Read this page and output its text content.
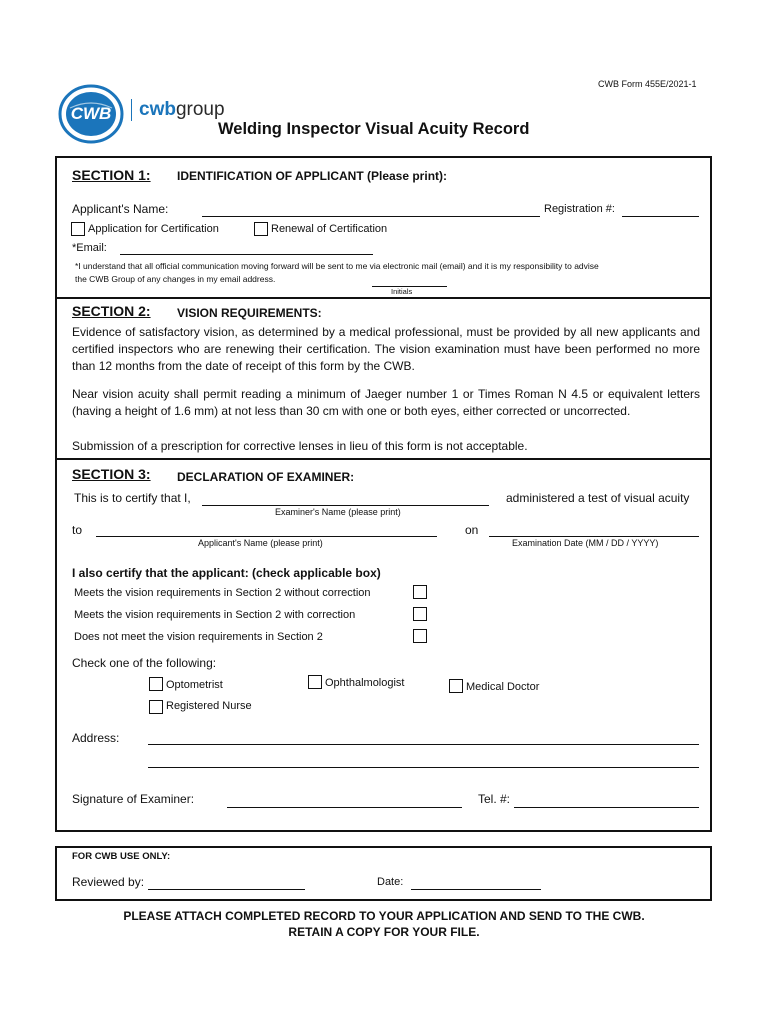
CWB Form 455E/2021-1
CWB	cwbgroup
Welding Inspector Visual Acuity Record
SECTION 1: IDENTIFICATION OF APPLICANT (Please print):
Applicant's Name:	Registration #:
Application for Certification	Renewal of Certification
*Email:
*I understand that all official communication moving forward will be sent to me via electronic mail (email) and it is my responsibility to advise
the CWB Group of any changes in my email address.
Initials
SECTION 2: VISION REQUIREMENTS:
Evidence of satisfactory vision, as determined by a medical professional, must be provided by all new applicants and certified inspectors who are renewing their certification. The vision examination must have been performed no more than 12 months from the date of receipt of this form by the CWB.
Near vision acuity shall permit reading a minimum of Jaeger number 1 or Times Roman N 4.5 or equivalent letters (having a height of 1.6 mm) at not less than 30 cm with one or both eyes, either corrected or uncorrected.
Submission of a prescription for corrective lenses in lieu of this form is not acceptable.
SECTION 3: DECLARATION OF EXAMINER:
This is to certify that I,	administered a test of visual acuity
Examiner's Name (please print)
to	on
Applicant's Name (please print)	Examination Date (MM / DD / YYYY)
I also certify that the applicant: (check applicable box)
Meets the vision requirements in Section 2 without correction
Meets the vision requirements in Section 2 with correction
Does not meet the vision requirements in Section 2
Check one of the following:
Optometrist	Ophthalmologist	Medical Doctor
Registered Nurse
Address:
Signature of Examiner:	Tel. #:
FOR CWB USE ONLY:
Reviewed by:	Date:
PLEASE ATTACH COMPLETED RECORD TO YOUR APPLICATION AND SEND TO THE CWB.
RETAIN A COPY FOR YOUR FILE.
